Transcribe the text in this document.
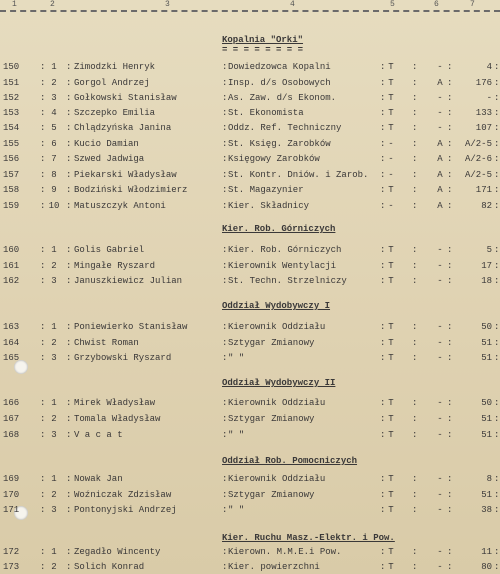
1	2	3	4	5	6	7
Kopalnia "Orki"
= = = = = = = =
Kier. Rob. Górniczych
Oddział Wydobywczy I
Oddział Wydobywczy II
Oddział Rob. Pomocniczych
Kier. Ruchu Masz.-Elektr. i Pow.
150	1	Zimodzki Henryk	Dowiedzowca Kopalni	T	-	4
: :	:	:	:	:	:
151	2	Gorgol Andrzej	Insp. d/s Osobowych	T	A	176
: :	:	:	:	:	:
152	3	Gołkowski Stanisław	As. Zaw. d/s Ekonom.	T	-	-
: :	:	:	:	:	:
153	4	Szczepko Emilia	St. Ekonomista	T	-	133
: :	:	:	:	:	:
154	5	Chlądzyńska Janina	Oddz. Ref. Techniczny	T	-	107
: :	:	:	:	:	:
155	6	Kucio Damian	St. Księg. Zarobków	-	A	A/2-5
: :	:	:	:	:	:
156	7	Szwed Jadwiga	Księgowy Zarobków	-	A	A/2-6
: :	:	:	:	:	:
157	8	Piekarski Władysław	St. Kontr. Dniów. i Zarob.	-	A	A/2-5
: :	:	:	:	:	:
158	9	Bodziński Włodzimierz	St. Magazynier	T	A	171
: :	:	:	:	:	:
159	10 Matuszczyk Antoni	Kier. Składnicy	-	A	82
: :	:	:	:	:	:
160	1	Golis Gabriel	Kier. Rob. Górniczych	T	-	5
: :	:	:	:	:	:
161	2	Mingałe Ryszard	Kierownik Wentylacji	T	-	17
: :	:	:	:	:	:
162	3	Januszkiewicz Julian	St. Techn. Strzelniczy	T	-	18
: :	:	:	:	:	:
163	1	Poniewierko Stanisław	Kierownik Oddziału	T	-	50
: :	:	:	:	:	:
164	2	Chwist Roman	Sztygar Zmianowy	T	-	51
: :	:	:	:	:	:
165	3	Grzybowski Ryszard	" "	T	-	51
: :	:	:	:	:	:
166	1	Mirek Władysław	Kierownik Oddziału	T	-	50
: :	:	:	:	:	:
167	2	Tomala Władysław	Sztygar Zmianowy	T	-	51
: :	:	:	:	:	:
168	3	V a c a t	" "	T	-	51
: :	:	:	:	:	:
169	1	Nowak Jan	Kierownik Oddziału	T	-	8
: :	:	:	:	:	:
170	2	Woźniczak Zdzisław	Sztygar Zmianowy	T	-	51
: :	:	:	:	:	:
171	3	Pontonyjski Andrzej	" "	T	-	38
: :	:	:	:	:	:
172	1	Zegadło Wincenty	Kierown. M.M.E.i Pow.	T	-	11
: :	:	:	:	:	:
173	2	Solich Konrad	Kier. powierzchni	T	-	80
: :	:	:	:	:	:
